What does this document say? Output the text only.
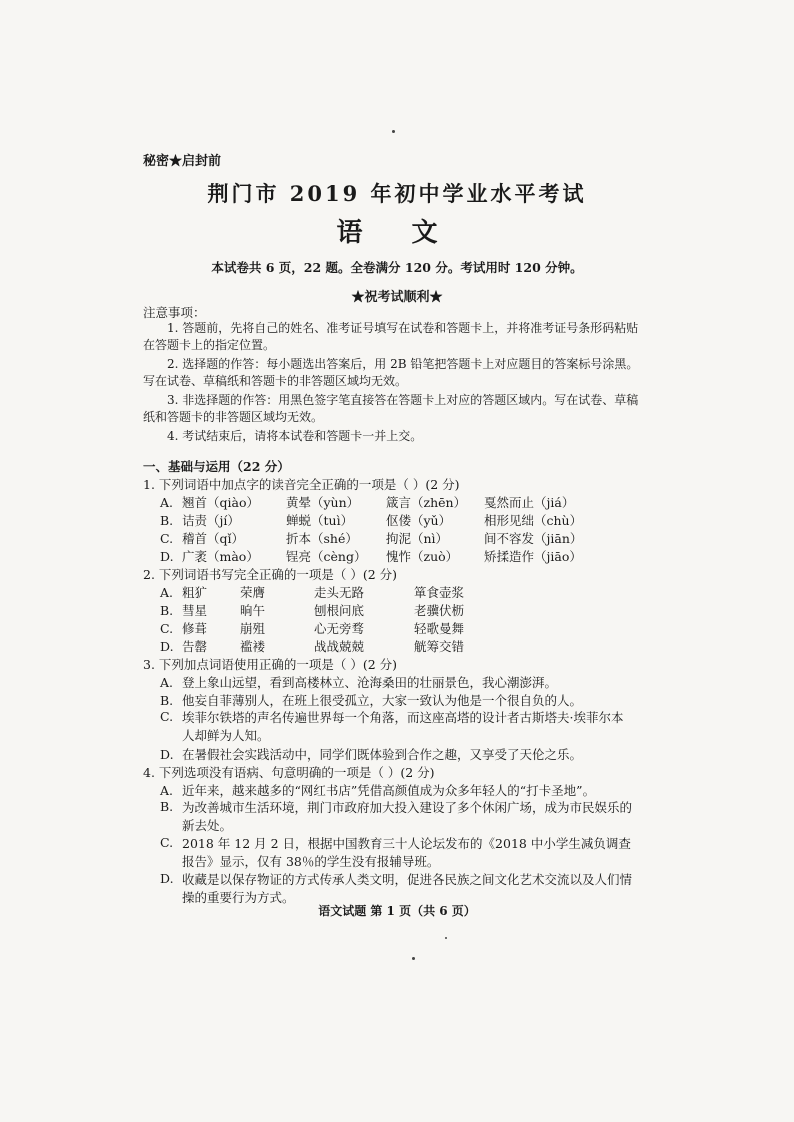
秘密★启封前
荆门市 2019 年初中学业水平考试
语 文
本试卷共 6 页，22 题。全卷满分 120 分。考试用时 120 分钟。
★祝考试顺利★
注意事项：
1. 答题前，先将自己的姓名、准考证号填写在试卷和答题卡上，并将准考证号条形码粘贴在答题卡上的指定位置。
2. 选择题的作答：每小题选出答案后，用 2B 铅笔把答题卡上对应题目的答案标号涂黑。写在试卷、草稿纸和答题卡的非答题区域均无效。
3. 非选择题的作答：用黑色签字笔直接答在答题卡上对应的答题区域内。写在试卷、草稿纸和答题卡的非答题区域均无效。
4. 考试结束后，请将本试卷和答题卡一并上交。
一、基础与运用（22 分）
1. 下列词语中加点字的读音完全正确的一项是（ ）(2 分)
A. 翘首（qiào） 黄晕（yùn） 箴言（zhēn） 戛然而止（jiá）
B. 诘责（jí）	蝉蜕（tuì）	伛偻（yǔ）	相形见绌（chù）
C. 稽首（qǐ）	折本（shé） 拘泥（nì）	间不容发（jiān）
D. 广袤（mào） 锃亮（cèng） 愧怍（zuò） 矫揉造作（jiāo）
2. 下列词语书写完全正确的一项是（ ）(2 分)
A. 粗犷	荣膺	走头无路	箪食壶浆
B. 彗星	晌午	刨根问底	老骥伏枥
C. 修葺	崩殂	心无旁骛	轻歌曼舞
D. 告罄	褴褛	战战兢兢	觥筹交错
3. 下列加点词语使用正确的一项是（ ）(2 分)
A. 登上象山远望，看到高楼林立、沧海桑田的壮丽景色，我心潮澎湃。
B. 他妄自菲薄别人，在班上很受孤立，大家一致认为他是一个很自负的人。
C. 埃菲尔铁塔的声名传遍世界每一个角落，而这座高塔的设计者古斯塔夫·埃菲尔本人却鲜为人知。
D. 在暑假社会实践活动中，同学们既体验到合作之趣，又享受了天伦之乐。
4. 下列选项没有语病、句意明确的一项是（ ）(2 分)
A. 近年来，越来越多的“网红书店”凭借高颜值成为众多年轻人的“打卡圣地”。
B. 为改善城市生活环境，荆门市政府加大投入建设了多个休闲广场，成为市民娱乐的新去处。
C. 2018 年 12 月 2 日，根据中国教育三十人论坛发布的《2018 中小学生减负调查报告》显示，仅有 38％的学生没有报辅导班。
D. 收藏是以保存物证的方式传承人类文明，促进各民族之间文化艺术交流以及人们情操的重要行为方式。
语文试题 第 1 页（共 6 页）
